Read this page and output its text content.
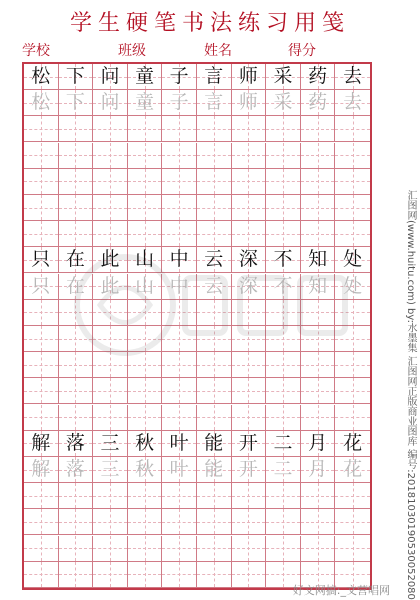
学生硬笔书法练习用笺
学校	班级	姓名	得分
松 下 问 童 子 言 师 采 药 去
松 下 问 童 子 言 师 采 药 去
只 在 此 山 中 云 深 不 知 处
只 在 此 山 中 云 深 不 知 处
解 落 三 秋 叶 能 开 二 月 花
解 落 三 秋 叶 能 开 二 月 花	汇图网(www.huitu.com) by:水墨集 汇图网正版商业图库 编号:20181030190530052080
好文网搞:_文营唱网
